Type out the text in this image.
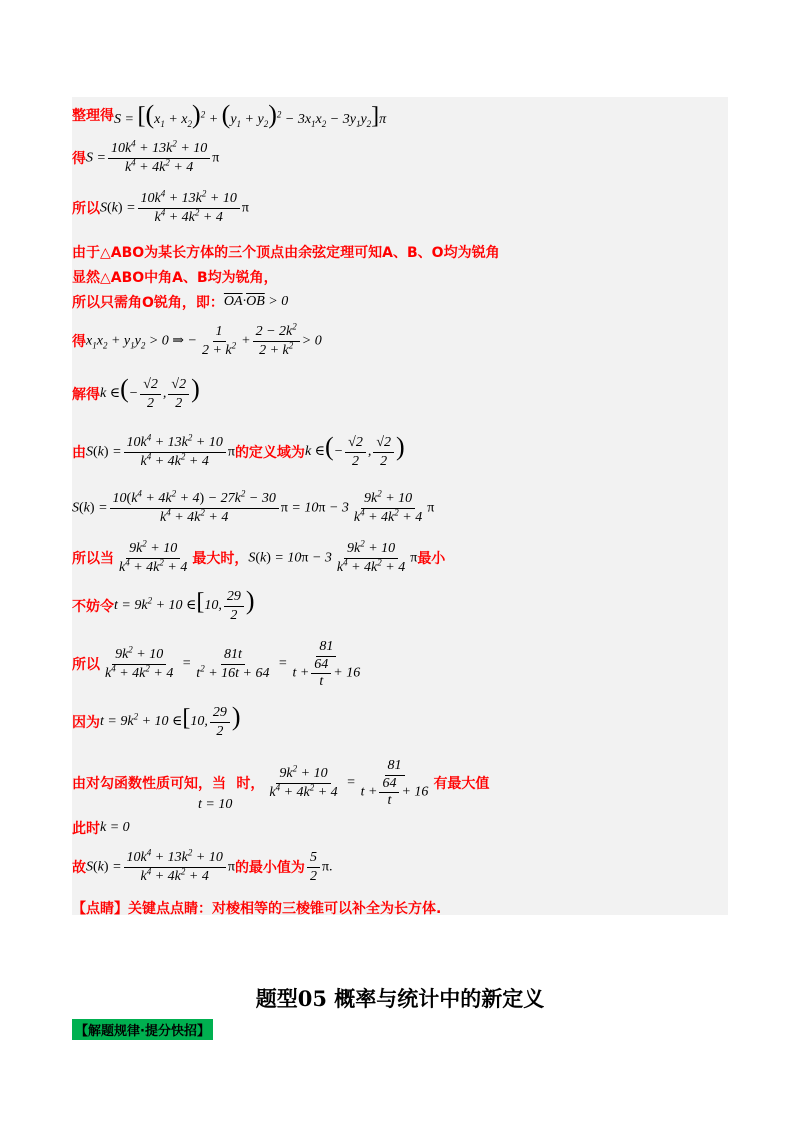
整理得 $S = [(x_1 + x_2)^2 + (y_1 + y_2)^2 - 3x_1x_2 - 3y_1y_2]\pi$
得 $S = \frac{10k^4 + 13k^2 + 10}{k^4 + 4k^2 + 4}$ π
所以 $S(k) = \frac{10k^4 + 13k^2 + 10}{k^4 + 4k^2 + 4}$ π
由于△ABO为某长方体的三个顶点由余弦定理可知A、B、O均为锐角
显然△ABO中角A、B均为锐角，
所以只需角O锐角，即： $\overline{OA}\cdot\overline{OB} > 0$
得 $x_1x_2 + y_1y_2 > 0$ ⇒ − $\frac{1}{2 + k^2} + \frac{2 - 2k^2}{2 + k^2} > 0$
解得 k ∈(− $\frac{√2}{2}$ , $\frac{√2}{2}$ )
由 $S(k) = \frac{10k^4 + 13k^2 + 10}{k^4 + 4k^2 + 4}$ π 的定义域为 k ∈(− $\frac{√2}{2}$ , $\frac{√2}{2}$ )
$S(k) = \frac{10(k^4 + 4k^2 + 4) - 27k^2 - 30}{k^4 + 4k^2 + 4}$ $\pi = 10\pi - 3 \frac{9k^2 + 10}{k^4 + 4k^2 + 4}$ π
所以当 $\frac{9k^2 + 10}{k^4 + 4k^2 + 4}$ 最大时， $S(k) = 10\pi - 3 \frac{9k^2 + 10}{k^4 + 4k^2 + 4}$ π 最小
不妨令 $t = 9k^2 + 10$ ∈[10, $\frac{29}{2}$ )
所以 $\frac{9k^2 + 10}{k^4 + 4k^2 + 4} = \frac{81t}{t^2 + 16t + 64} = \frac{81}{t + \frac{64}{t} + 16}$
因为 $t = 9k^2 + 10$ ∈[10, $\frac{29}{2}$ )
由对勾函数性质可知，当
t = 10
时， $\frac{9k^2 + 10}{k^4 + 4k^2 + 4} = \frac{81}{t + \frac{64}{t} + 16}$ 有最大值
此时 k = 0
故 $S(k) = \frac{10k^4 + 13k^2 + 10}{k^4 + 4k^2 + 4}$ π 的最小值为 $\frac{5}{2} \pi$.
【点睛】关键点点睛：对棱相等的三棱锥可以补全为长方体.
题型05 概率与统计中的新定义
【解题规律·提分快招】
